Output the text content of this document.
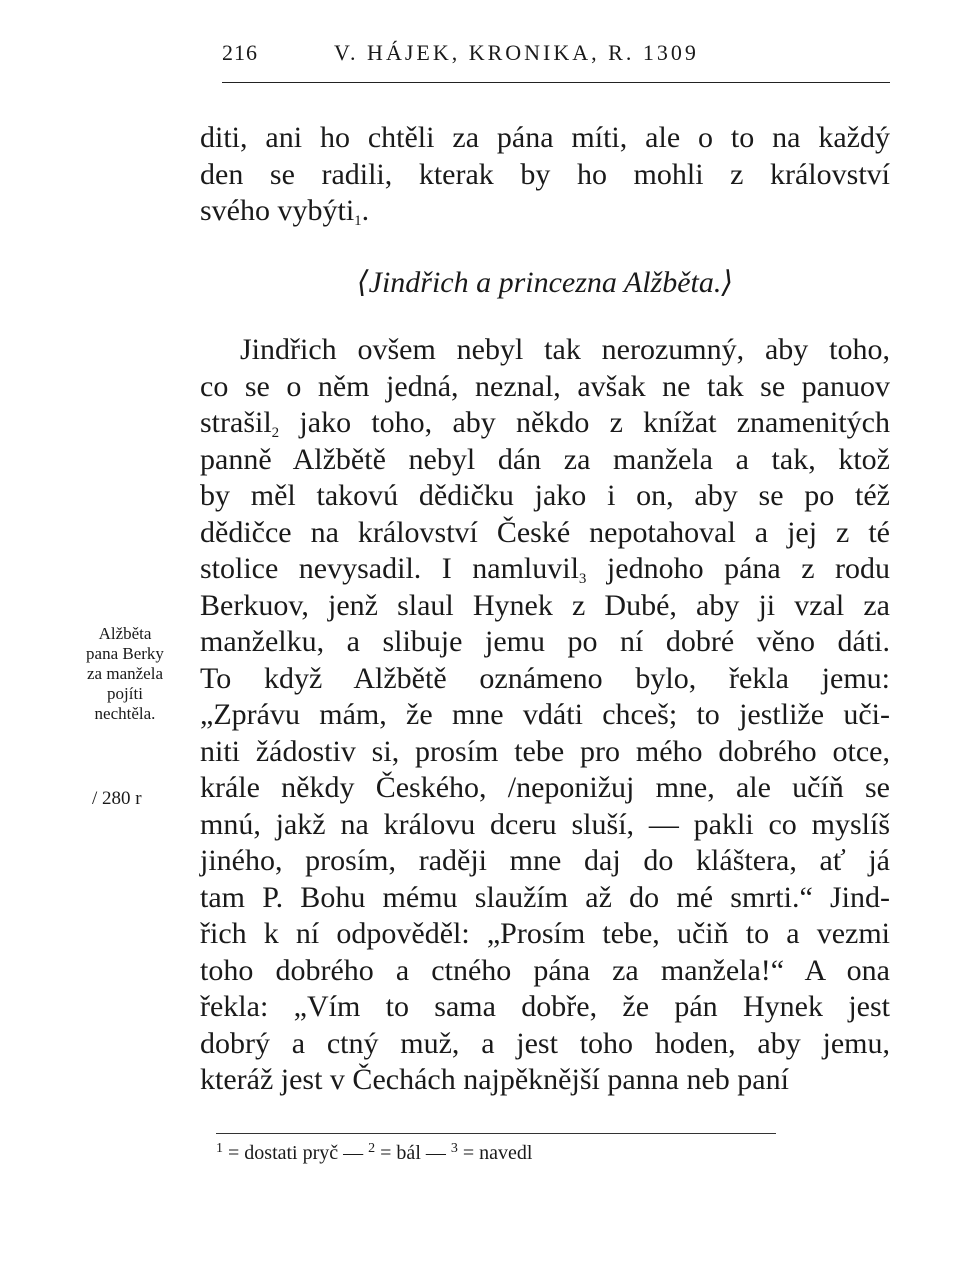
216	V. HÁJEK, KRONIKA, R. 1309
diti, ani ho chtěli za pána míti, ale o to na každý
den se radili, kterak by ho mohli z království
svého vybýti$_1$.
⟨Jindřich a princezna Alžběta.⟩
Jindřich ovšem nebyl tak nerozumný, aby toho,
co se o něm jedná, neznal, avšak ne tak se panuov
strašil$_2$ jako toho, aby někdo z knížat znamenitých
panně Alžbětě nebyl dán za manžela a tak, ktož
by měl takovú dědičku jako i on, aby se po též
dědičce na království České nepotahoval a jej z té
stolice nevysadil. I namluvil$_3$ jednoho pána z rodu
Berkuov, jenž slaul Hynek z Dubé, aby ji vzal za
manželku, a slibuje jemu po ní dobré věno dáti.
To když Alžbětě oznámeno bylo, řekla jemu:
„Zprávu mám, že mne vdáti chceš; to jestliže uči-
niti žádostiv si, prosím tebe pro mého dobrého otce,
krále někdy Českého, /neponižuj mne, ale učíň se
mnú, jakž na královu dceru sluší, — pakli co myslíš
jiného, prosím, raději mne daj do kláštera, ať já
tam P. Bohu mému slaužím až do mé smrti.“ Jind-
řich k ní odpověděl: „Prosím tebe, učiň to a vezmi
toho dobrého a ctného pána za manžela!“ A ona
řekla: „Vím to sama dobře, že pán Hynek jest
dobrý a ctný muž, a jest toho hoden, aby jemu,
kteráž jest v Čechách najpěknější panna neb paní
Alžběta
pana Berky
za manžela
pojíti
nechtěla.
/ 280 r
$^1$ = dostati pryč — $^2$ = bál — $^3$ = navedl
